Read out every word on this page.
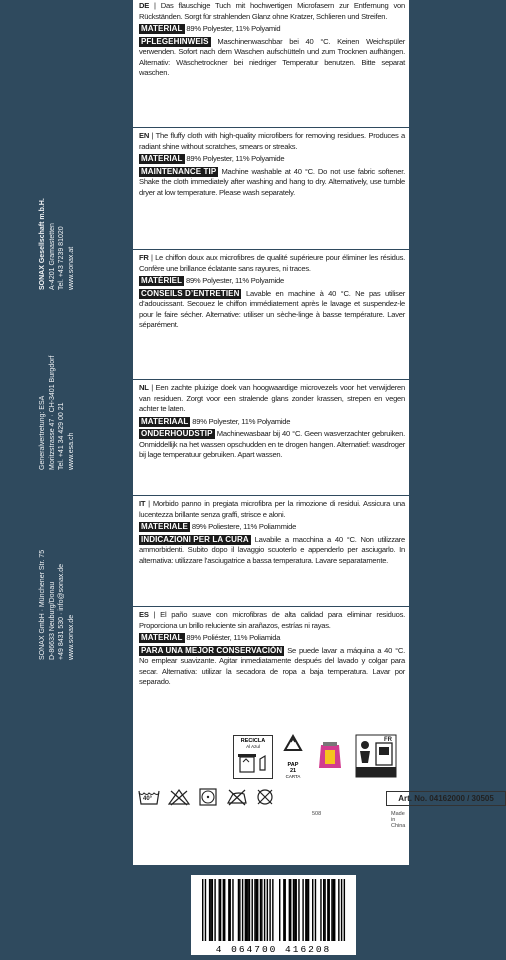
SONAX Gesellschaft m.b.H. A-4201 Gramastetten Tel. +43 7239 81020 www.sonax.at
Generalvertretung: ESA Moritzstrasse 47 · CH-3401 Burgdorf Tel. +41 34 429 00 21 www.esa.ch
SONAX GmbH · Münchener Str. 75 D-86633 Neuburg/Donau +49 8431 530 · info@sonax.de www.sonax.de

DE | Das flauschige Tuch mit hochwertigen Microfasern zur Entfernung von Rückständen. Sorgt für strahlenden Glanz ohne Kratzer, Schlieren und Streifen.

MATERIAL 89% Polyester, 11% Polyamid

PFLEGEHINWEIS Maschinenwaschbar bei 40 °C. Keinen Weichspüler verwenden. Sofort nach dem Waschen aufschütteln und zum Trocknen aufhängen. Alternativ: Wäschetrockner bei niedriger Temperatur benutzen. Bitte separat waschen.

EN | The fluffy cloth with high-quality microfibers for removing residues. Produces a radiant shine without scratches, smears or streaks.

MATERIAL 89% Polyester, 11% Polyamide

MAINTENANCE TIP Machine washable at 40 °C. Do not use fabric softener. Shake the cloth immediately after washing and hang to dry. Alternatively, use tumble dryer at low temperature. Please wash separately.

FR | Le chiffon doux aux microfibres de qualité supérieure pour éliminer les résidus. Confère une brillance éclatante sans rayures, ni traces.

MATÉRIEL 89% Polyester, 11% Polyamide

CONSEILS D’ENTRETIEN Lavable en machine à 40 °C. Ne pas utiliser d’adoucissant. Secouez le chiffon immédiatement après le lavage et suspendez-le pour le faire sécher. Alternative: utiliser un sèche-linge à basse température. Laver séparément.

NL | Een zachte pluizige doek van hoogwaardige microvezels voor het verwijderen van residuen. Zorgt voor een stralende glans zonder krassen, strepen en vegen achter te laten.

MATERIAAL 89% Polyester, 11% Polyamide

ONDERHOUDSTIP Machinewasbaar bij 40 °C. Geen wasverzachter gebruiken. Onmiddellijk na het wassen opschudden en te drogen hangen. Alternatief: wasdroger bij lage temperatuur gebruiken. Apart wassen.

IT | Morbido panno in pregiata microfibra per la rimozione di residui. Assicura una lucentezza brillante senza graffi, strisce e aloni.

MATERIALE 89% Poliestere, 11% Poliammide

INDICAZIONI PER LA CURA Lavabile a macchina a 40 °C. Non utilizzare ammorbidenti. Subito dopo il lavaggio scuoterlo e appenderlo per asciugarlo. In alternativa: utilizzare l’asciugatrice a bassa temperatura. Lavare separatamente.

ES | El paño suave con microfibras de alta calidad para eliminar residuos. Proporciona un brillo reluciente sin arañazos, estrías ni rayas.

MATERIAL 89% Poliéster, 11% Poliamida

PARA UNA MEJOR CONSERVACIÓN Se puede lavar a máquina a 40 °C. No emplear suavizante. Agitar inmediatamente después del lavado y colgar para secar. Alternativa: utilizar la secadora de ropa a baja temperatura. Lavar por separado.

RECICLA
Al Azul
PAP
21
CARTA
FR
40°	Art. No. 04162000 / 30505
508	Made in China
4 064700 416208
